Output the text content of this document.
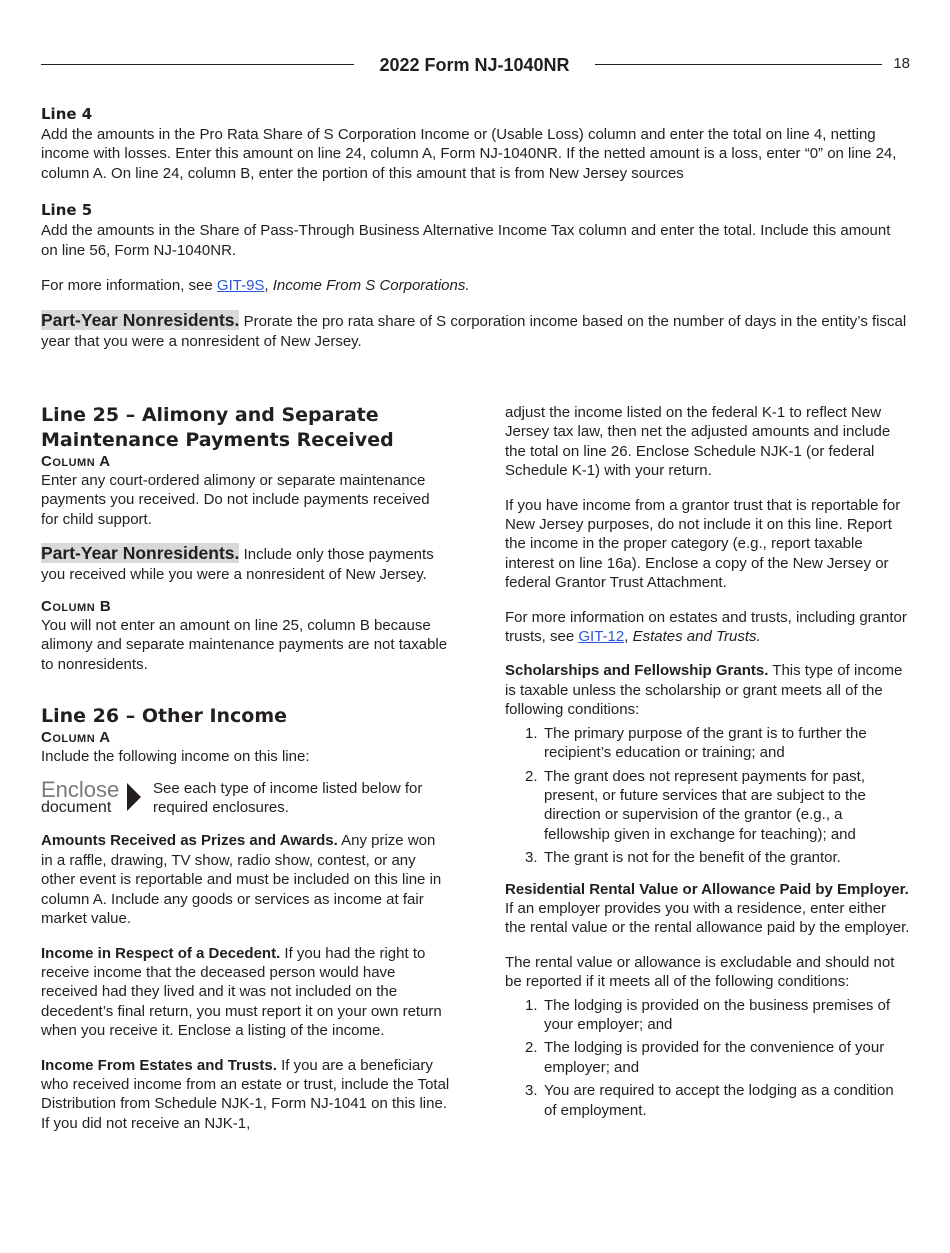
2022 Form NJ-1040NR	18

Line 4

Add the amounts in the Pro Rata Share of S Corporation Income or (Usable Loss) column and enter the total on line 4, netting income with losses. Enter this amount on line 24, column A, Form NJ-1040NR. If the netted amount is a loss, enter “0” on line 24, column A. On line 24, column B, enter the portion of this amount that is from New Jersey sources

Line 5

Add the amounts in the Share of Pass-Through Business Alternative Income Tax column and enter the total. Include this amount on line 56, Form NJ-1040NR.

For more information, see GIT-9S, Income From S Corporations.

Part-Year Nonresidents. Prorate the pro rata share of S corporation income based on the number of days in the entity’s fiscal year that you were a nonresident of New Jersey.

Line 25 – Alimony and Separate

Maintenance Payments Received

Column A

Enter any court-ordered alimony or separate maintenance payments you received. Do not include payments received for child support.

Part-Year Nonresidents. Include only those payments you received while you were a nonresident of New Jersey.

Column B

You will not enter an amount on line 25, column B because alimony and separate maintenance payments are not taxable to nonresidents.

Line 26 – Other Income

Column A

Include the following income on this line:

Enclose
document
See each type of income listed below for required enclosures.

Amounts Received as Prizes and Awards. Any prize won in a raffle, drawing, TV show, radio show, contest, or any other event is reportable and must be included on this line in column A. Include any goods or services as income at fair market value.

Income in Respect of a Decedent. If you had the right to receive income that the deceased person would have received had they lived and it was not included on the decedent’s final return, you must report it on your own return when you receive it. Enclose a listing of the income.

Income From Estates and Trusts. If you are a beneficiary who received income from an estate or trust, include the Total Distribution from Schedule NJK-1, Form NJ-1041 on this line. If you did not receive an NJK-1,

adjust the income listed on the federal K-1 to reflect New Jersey tax law, then net the adjusted amounts and include the total on line 26. Enclose Schedule NJK-1 (or federal Schedule K-1) with your return.

If you have income from a grantor trust that is reportable for New Jersey purposes, do not include it on this line. Report the income in the proper category (e.g., report taxable interest on line 16a). Enclose a copy of the New Jersey or federal Grantor Trust Attachment.

For more information on estates and trusts, including grantor trusts, see GIT-12, Estates and Trusts.

Scholarships and Fellowship Grants. This type of income is taxable unless the scholarship or grant meets all of the following conditions:

1. The primary purpose of the grant is to further the recipient’s education or training; and
2. The grant does not represent payments for past, present, or future services that are subject to the direction or supervision of the grantor (e.g., a fellowship given in exchange for teaching); and
3. The grant is not for the benefit of the grantor.

Residential Rental Value or Allowance Paid by Employer. If an employer provides you with a residence, enter either the rental value or the rental allowance paid by the employer.

The rental value or allowance is excludable and should not be reported if it meets all of the following conditions:

1. The lodging is provided on the business premises of your employer; and
2. The lodging is provided for the convenience of your employer; and
3. You are required to accept the lodging as a condition of employment.
